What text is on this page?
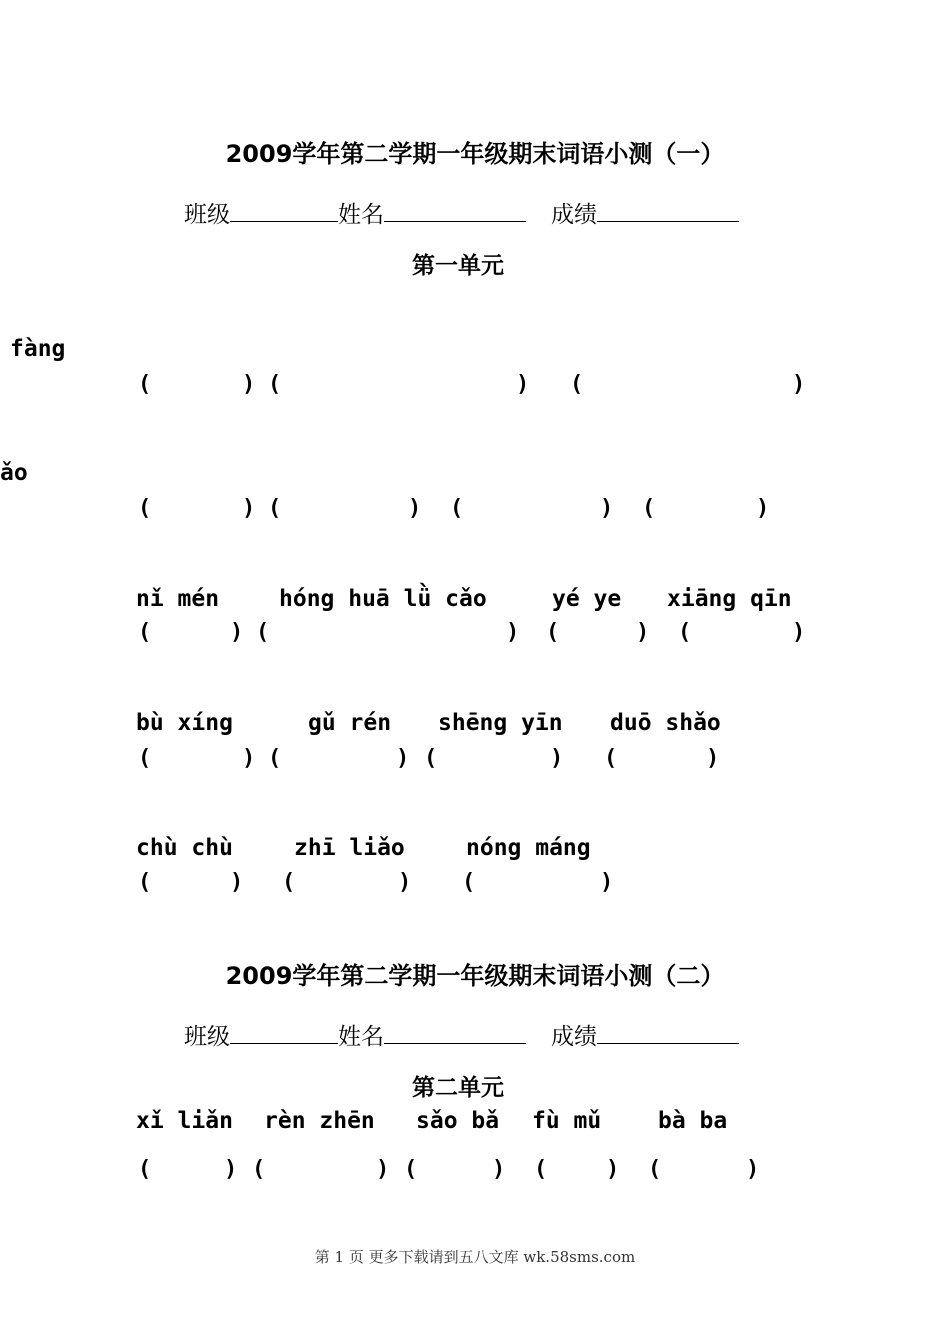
2009学年第二学期一年级期末词语小测（一）
班级	姓名	成绩
第一单元
fàng
(	) (	) (	)
ǎo
(	) (	) (	) (	)
nǐ mén	hóng huā lǜ cǎo	yé ye xiāng qīn
(	) (	) (	) (	)
bù xíng	gǔ rén shēng yīn duō shǎo
(	) (	) (	) (	)
chù chù	zhī liǎo	nóng máng
(	) (	) (	)
2009学年第二学期一年级期末词语小测（二）
班级	姓名	成绩
第二单元
xǐ liǎn rèn zhēn sǎo bǎ fù mǔ bà ba
(	) (	) (	) (	) (	)
第 1 页 更多下载请到五八文库 wk.58sms.com
